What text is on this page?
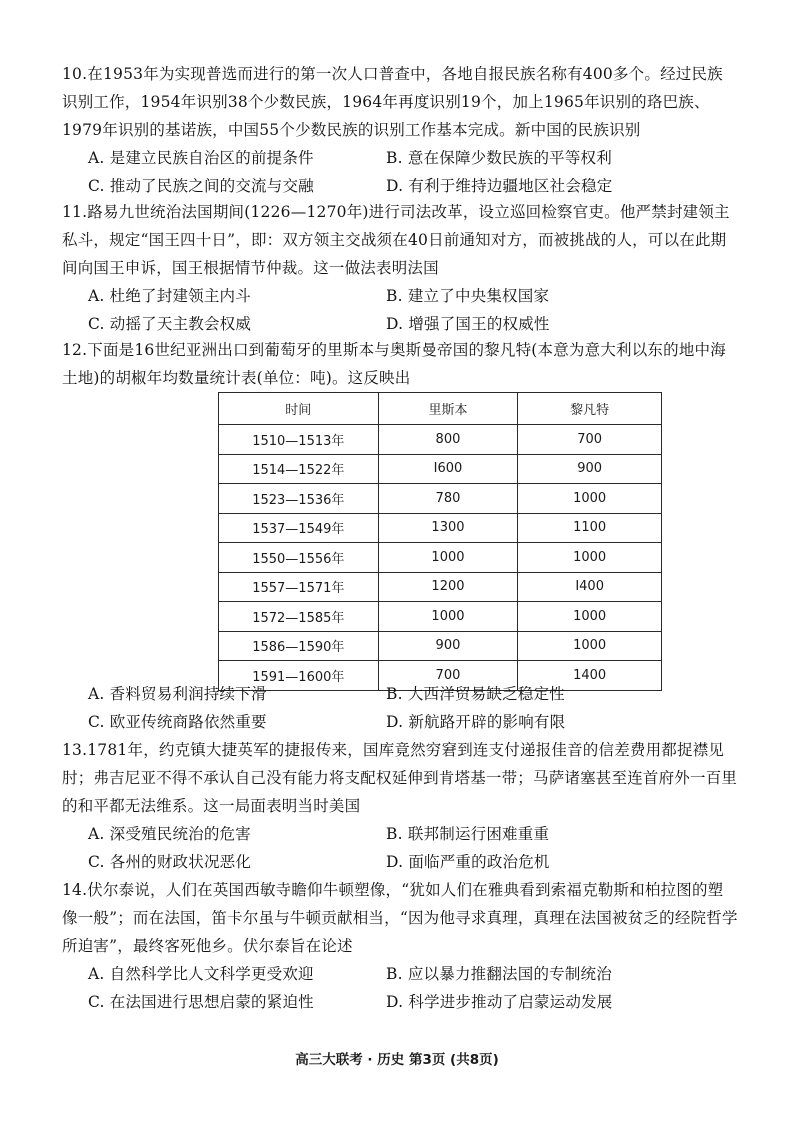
10.在1953年为实现普选而进行的第一次人口普查中，各地自报民族名称有400多个。经过民族识别工作，1954年识别38个少数民族，1964年再度识别19个，加上1965年识别的珞巴族、1979年识别的基诺族，中国55个少数民族的识别工作基本完成。新中国的民族识别

A. 是建立民族自治区的前提条件	B. 意在保障少数民族的平等权利
C. 推动了民族之间的交流与交融	D. 有利于维持边疆地区社会稳定

11.路易九世统治法国期间(1226—1270年)进行司法改革，设立巡回检察官吏。他严禁封建领主私斗，规定“国王四十日”，即：双方领主交战须在40日前通知对方，而被挑战的人，可以在此期间向国王申诉，国王根据情节仲裁。这一做法表明法国

A. 杜绝了封建领主内斗	B. 建立了中央集权国家
C. 动摇了天主教会权威	D. 增强了国王的权威性

12.下面是16世纪亚洲出口到葡萄牙的里斯本与奥斯曼帝国的黎凡特(本意为意大利以东的地中海土地)的胡椒年均数量统计表(单位：吨)。这反映出

时间	里斯本	黎凡特
1510—1513年	800	700
1514—1522年	I600	900
1523—1536年	780	1000
1537—1549年	1300	1100
1550—1556年	1000	1000
1557—1571年	1200	I400
1572—1585年	1000	1000
1586—1590年	900	1000
1591—1600年	700	1400
A. 香料贸易利润持续下滑	B. 大西洋贸易缺乏稳定性
C. 欧亚传统商路依然重要	D. 新航路开辟的影响有限

13.1781年，约克镇大捷英军的捷报传来，国库竟然穷窘到连支付递报佳音的信差费用都捉襟见肘；弗吉尼亚不得不承认自己没有能力将支配权延伸到肯塔基一带；马萨诸塞甚至连首府外一百里的和平都无法维系。这一局面表明当时美国

A. 深受殖民统治的危害	B. 联邦制运行困难重重
C. 各州的财政状况恶化	D. 面临严重的政治危机

14.伏尔泰说，人们在英国西敏寺瞻仰牛顿塑像，“犹如人们在雅典看到索福克勒斯和柏拉图的塑像一般”；而在法国，笛卡尔虽与牛顿贡献相当，“因为他寻求真理，真理在法国被贫乏的经院哲学所迫害”，最终客死他乡。伏尔泰旨在论述

A. 自然科学比人文科学更受欢迎	B. 应以暴力推翻法国的专制统治
C. 在法国进行思想启蒙的紧迫性	D. 科学进步推动了启蒙运动发展
高三大联考 · 历史 第3页 (共8页)
